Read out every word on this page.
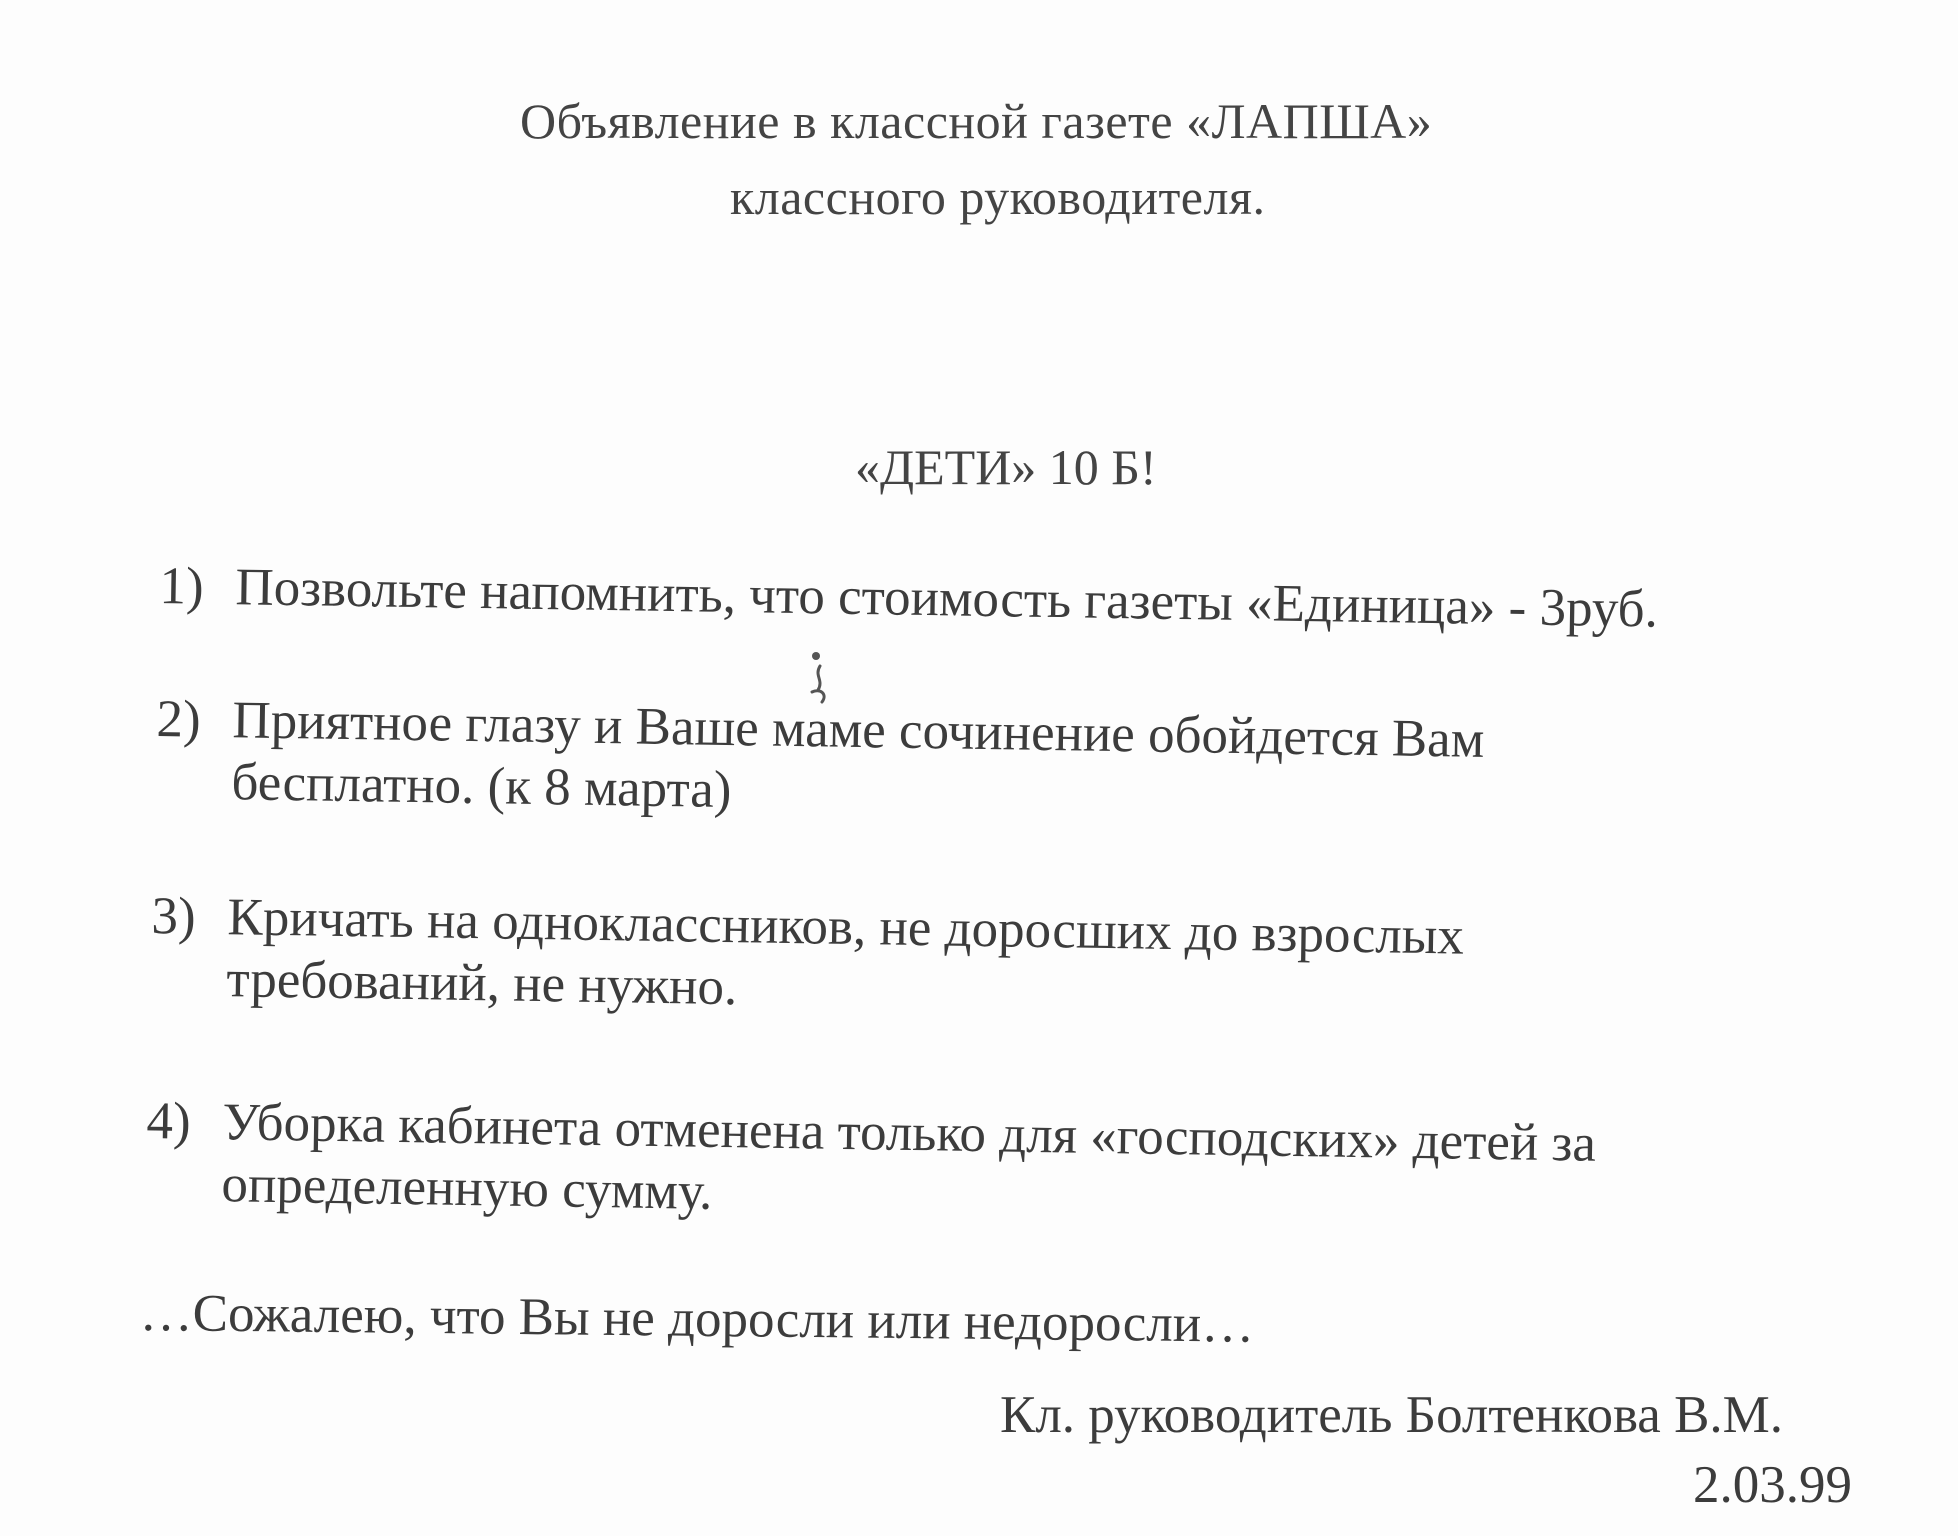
Объявление в классной газете «ЛАПША»
классного руководителя.
«ДЕТИ» 10 Б!
1) Позвольте напомнить, что стоимость газеты «Единица» - 3руб.
2) Приятное глазу и Ваше маме сочинение обойдется Вам
бесплатно. (к 8 марта)
3) Кричать на одноклассников, не доросших до взрослых
требований, не нужно.
4) Уборка кабинета отменена только для «господских» детей за
определенную сумму.
…Сожалею, что Вы не доросли или недоросли…
Кл. руководитель Болтенкова В.М.
2.03.99
